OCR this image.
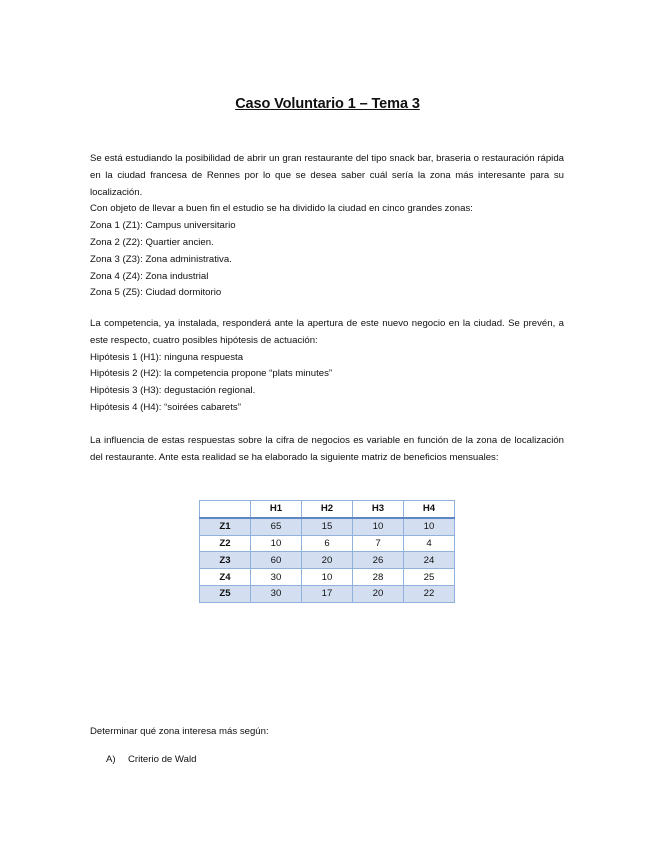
Caso Voluntario 1 – Tema 3
Se está estudiando la posibilidad de abrir un gran restaurante del tipo snack bar, braseria o restauración rápida en la ciudad francesa de Rennes por lo que se desea saber cuál sería la zona más interesante para su localización.
Con objeto de llevar a buen fin el estudio se ha dividido la ciudad en cinco grandes zonas:
Zona 1 (Z1): Campus universitario
Zona 2 (Z2): Quartier ancien.
Zona 3 (Z3): Zona administrativa.
Zona 4 (Z4): Zona industrial
Zona 5 (Z5): Ciudad dormitorio
La competencia, ya instalada, responderá ante la apertura de este nuevo negocio en la ciudad. Se prevén, a este respecto, cuatro posibles hipótesis de actuación:
Hipótesis 1 (H1): ninguna respuesta
Hipótesis 2 (H2): la competencia propone “plats minutes”
Hipótesis 3 (H3): degustación regional.
Hipótesis 4 (H4): “soirées cabarets”
La influencia de estas respuestas sobre la cifra de negocios es variable en función de la zona de localización del restaurante. Ante esta realidad se ha elaborado la siguiente matriz de beneficios mensuales:
	H1	H2	H3	H4
Z1	65	15	10	10
Z2	10	6	7	4
Z3	60	20	26	24
Z4	30	10	28	25
Z5	30	17	20	22
Determinar qué zona interesa más según:
A) Criterio de Wald
